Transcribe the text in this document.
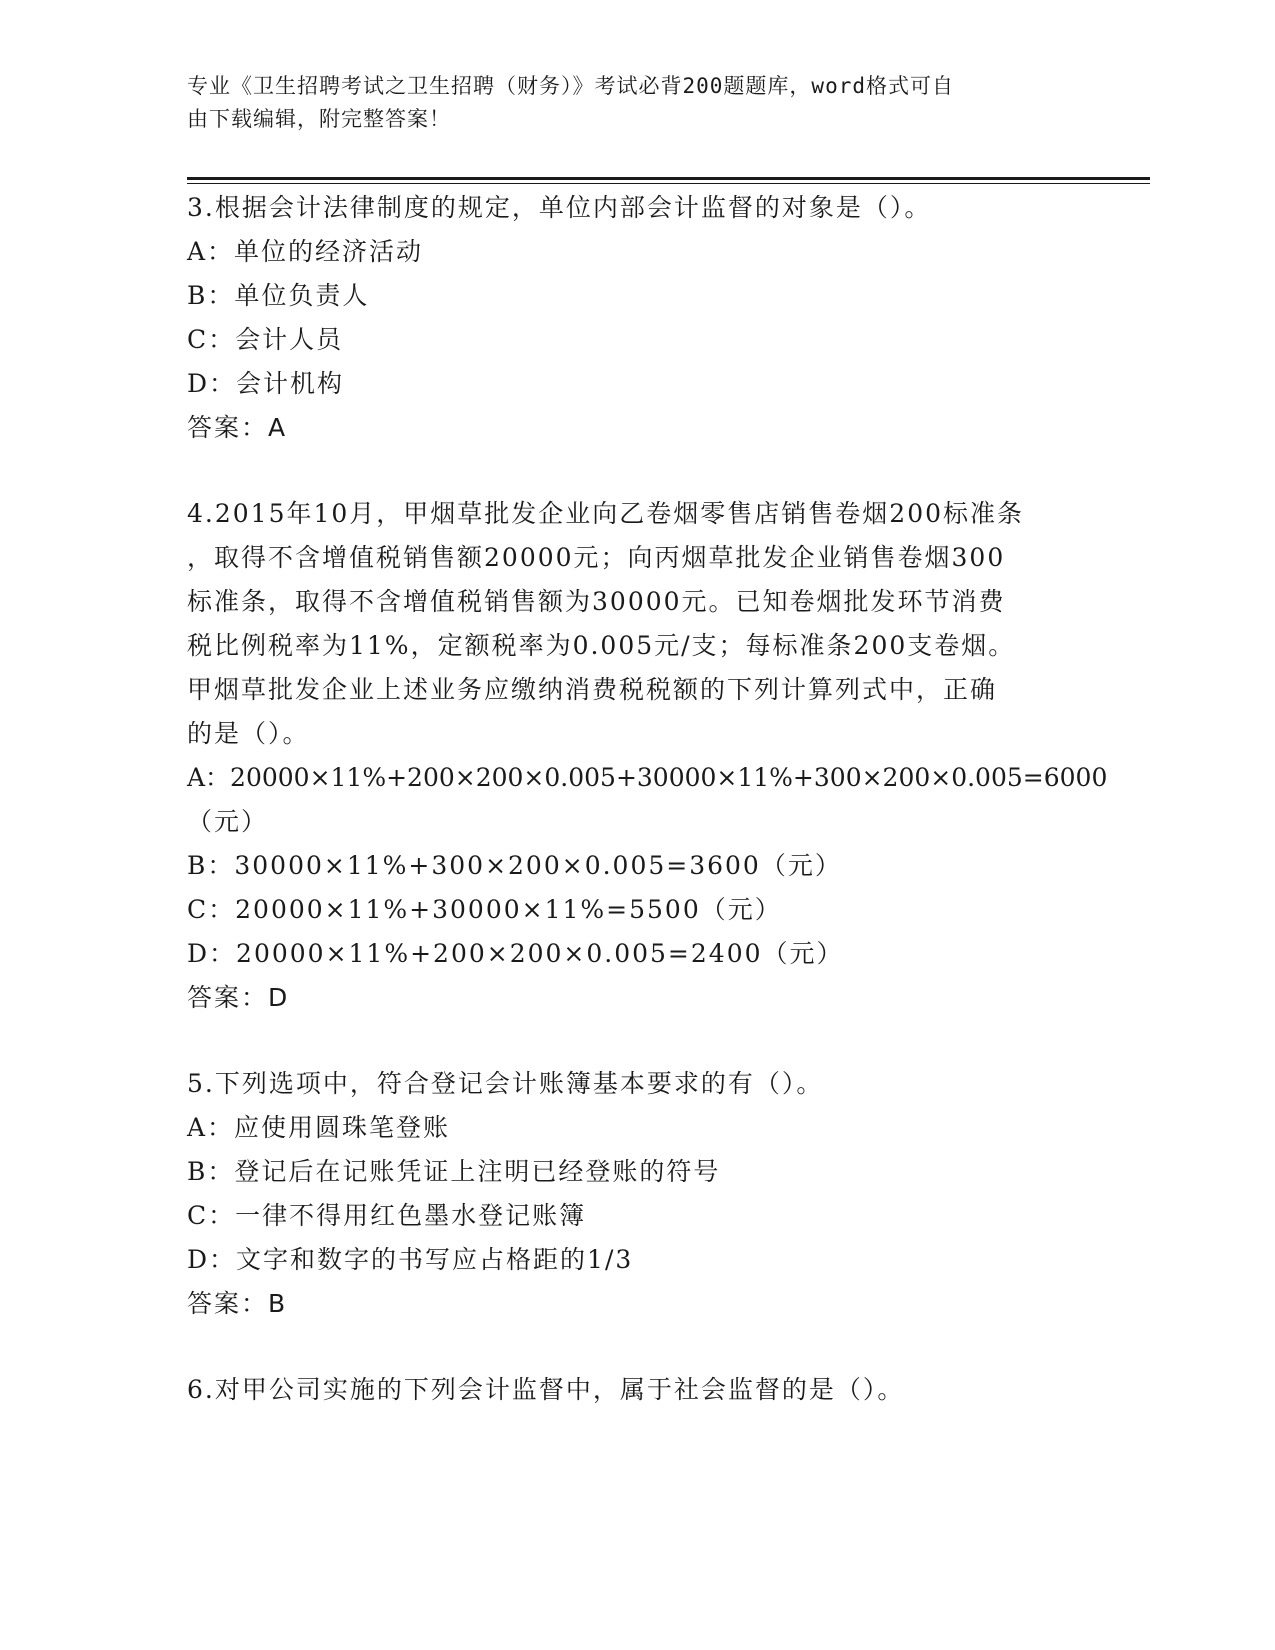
专业《卫生招聘考试之卫生招聘（财务）》考试必背200题题库，word格式可自
由下载编辑，附完整答案！
3.根据会计法律制度的规定，单位内部会计监督的对象是（）。
A：单位的经济活动
B：单位负责人
C：会计人员
D：会计机构
答案：A
4.2015年10月，甲烟草批发企业向乙卷烟零售店销售卷烟200标准条
，取得不含增值税销售额20000元；向丙烟草批发企业销售卷烟300
标准条，取得不含增值税销售额为30000元。已知卷烟批发环节消费
税比例税率为11%，定额税率为0.005元/支；每标准条200支卷烟。
甲烟草批发企业上述业务应缴纳消费税税额的下列计算列式中，正确
的是（）。
A：20000×11%+200×200×0.005+30000×11%+300×200×0.005=6000
（元）
B：30000×11%+300×200×0.005=3600（元）
C：20000×11%+30000×11%=5500（元）
D：20000×11%+200×200×0.005=2400（元）
答案：D
5.下列选项中，符合登记会计账簿基本要求的有（）。
A：应使用圆珠笔登账
B：登记后在记账凭证上注明已经登账的符号
C：一律不得用红色墨水登记账簿
D：文字和数字的书写应占格距的1/3
答案：B
6.对甲公司实施的下列会计监督中，属于社会监督的是（）。
